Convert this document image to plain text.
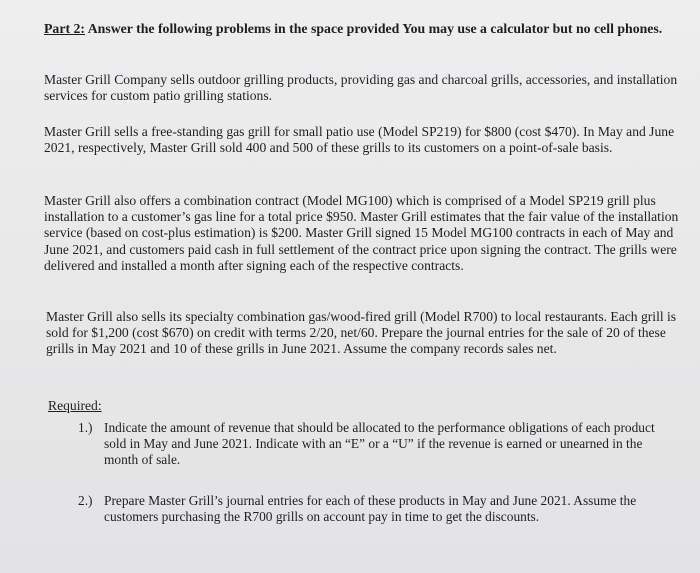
Part 2: Answer the following problems in the space provided You may use a calculator but no cell phones.

Master Grill Company sells outdoor grilling products, providing gas and charcoal grills, accessories, and installation services for custom patio grilling stations.

Master Grill sells a free-standing gas grill for small patio use (Model SP219) for $800 (cost $470). In May and June 2021, respectively, Master Grill sold 400 and 500 of these grills to its customers on a point-of-sale basis.

Master Grill also offers a combination contract (Model MG100) which is comprised of a Model SP219 grill plus installation to a customer’s gas line for a total price $950. Master Grill estimates that the fair value of the installation service (based on cost-plus estimation) is $200. Master Grill signed 15 Model MG100 contracts in each of May and June 2021, and customers paid cash in full settlement of the contract price upon signing the contract. The grills were delivered and installed a month after signing each of the respective contracts.

Master Grill also sells its specialty combination gas/wood-fired grill (Model R700) to local restaurants. Each grill is sold for $1,200 (cost $670) on credit with terms 2/20, net/60. Prepare the journal entries for the sale of 20 of these grills in May 2021 and 10 of these grills in June 2021. Assume the company records sales net.

Required:

1.) Indicate the amount of revenue that should be allocated to the performance obligations of each product sold in May and June 2021. Indicate with an “E” or a “U” if the revenue is earned or unearned in the month of sale.
2.) Prepare Master Grill’s journal entries for each of these products in May and June 2021. Assume the customers purchasing the R700 grills on account pay in time to get the discounts.
